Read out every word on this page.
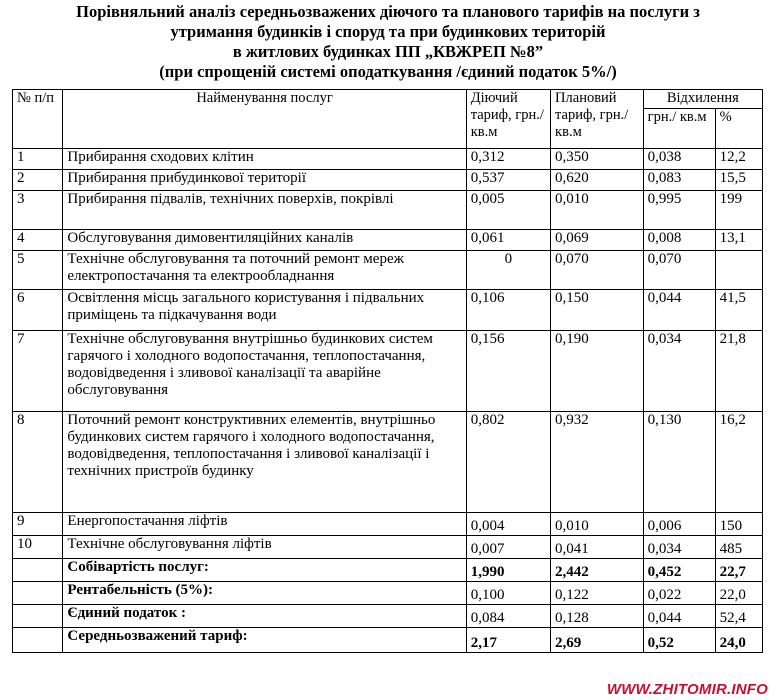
Порівняльний аналіз середньозважених діючого та планового тарифів на послуги з
утримання будинків і споруд та при будинкових територій
в житлових будинках ПП „КВЖРЕП №8”
(при спрощеній системі оподаткування /єдиний податок 5%/)
№ п/п	Найменування послуг	Діючий тариф, грн./кв.м	Плановий тариф, грн./кв.м	Відхилення	
				грн./ кв.м	%
1	Прибирання сходових клітин	0,312	0,350	0,038	12,2
2	Прибирання прибудинкової території	0,537	0,620	0,083	15,5
3	Прибирання підвалів, технічних поверхів, покрівлі	0,005	0,010	0,995	199
4	Обслуговування димовентиляційних каналів	0,061	0,069	0,008	13,1
5	Технічне обслуговування та поточний ремонт мереж електропостачання та електрообладнання	0	0,070	0,070	
6	Освітлення місць загального користування і підвальних приміщень та підкачування води	0,106	0,150	0,044	41,5
7	Технічне обслуговування внутрішньо будинкових систем гарячого і холодного водопостачання, теплопостачання, водовідведення і зливової каналізації та аварійне обслуговування	0,156	0,190	0,034	21,8
8	Поточний ремонт конструктивних елементів, внутрішньо будинкових систем гарячого і холодного водопостачання, водовідведення, теплопостачання і зливової каналізації і технічних пристроїв будинку	0,802	0,932	0,130	16,2
9	Енергопостачання ліфтів	0,004	0,010	0,006	150
10	Технічне обслуговування ліфтів	0,007	0,041	0,034	485
	Собівартість послуг:	1,990	2,442	0,452	22,7
	Рентабельність (5%):	0,100	0,122	0,022	22,0
	Єдиний податок :	0,084	0,128	0,044	52,4
	Середньозважений тариф:	2,17	2,69	0,52	24,0
WWW.ZHITOMIR.INFO
